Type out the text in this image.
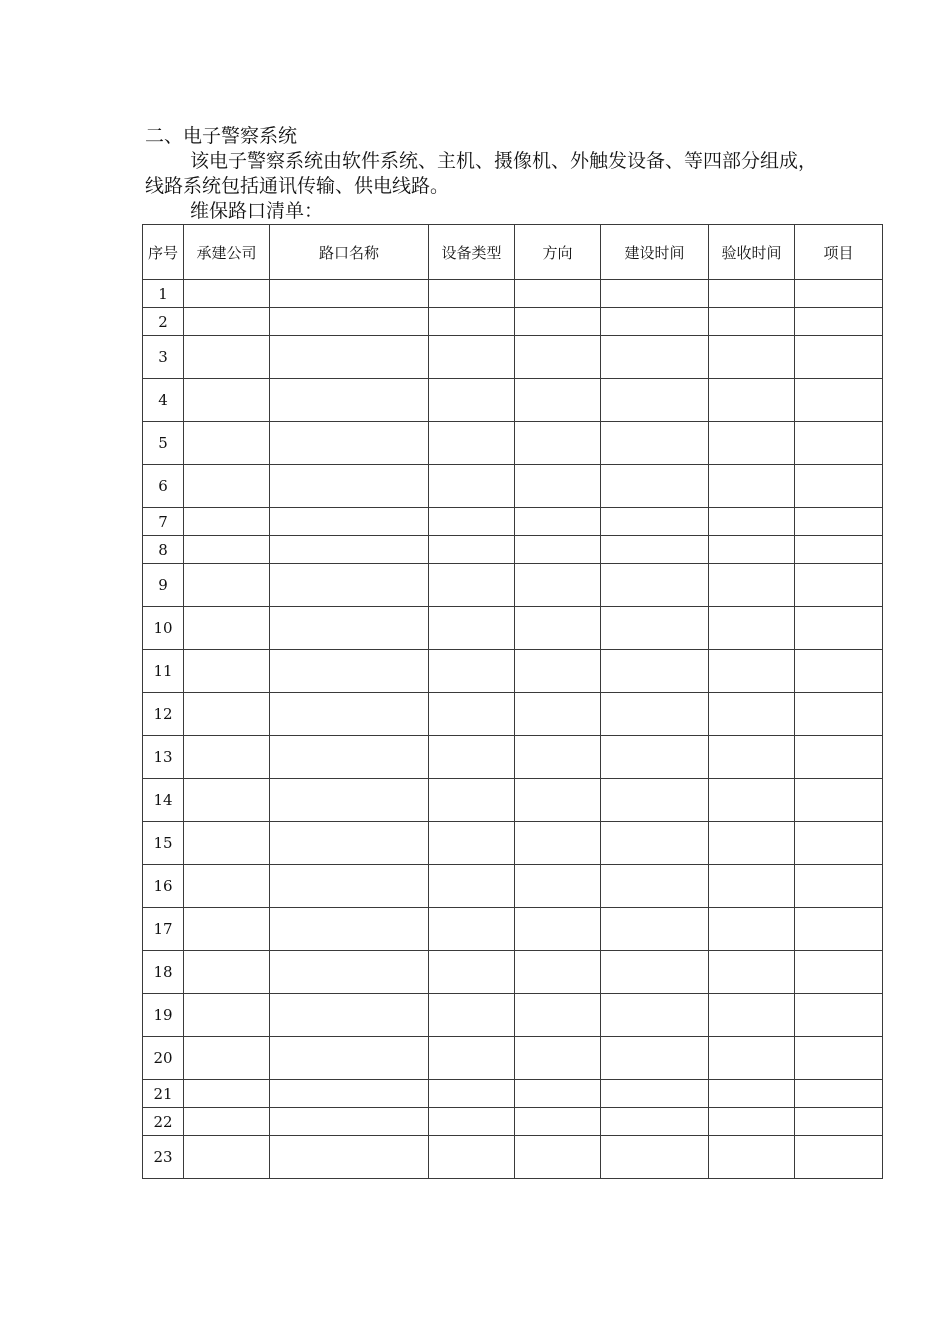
二、电子警察系统

该电子警察系统由软件系统、主机、摄像机、外触发设备、等四部分组成，线路系统包括通讯传输、供电线路。

维保路口清单：

序号	承建公司	路口名称	设备类型	方向	建设时间	验收时间	项目
1							
2							
3							
4							
5							
6							
7							
8							
9							
10							
11							
12							
13							
14							
15							
16							
17							
18							
19							
20							
21							
22							
23							
